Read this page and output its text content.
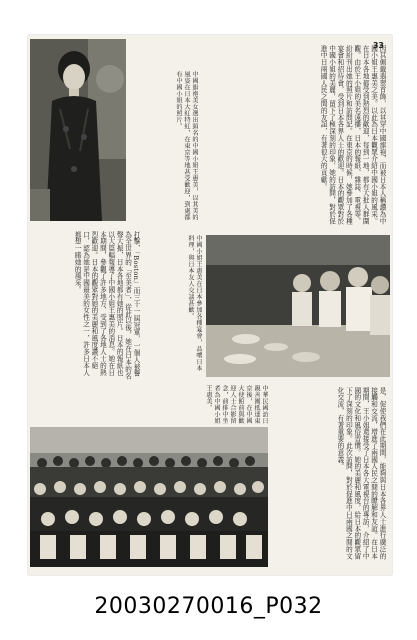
33
中國旗袍美女選出頭名的中國小姐王惠美，以其美的風姿在日本大紅特紅，在東京等地甚受歡迎，到處都有中國小姐的照片。	因其佩戴翡翠首飾，以其穿中國旗袍，而被日本人稱讚為中國小姐王惠美之美。以此為日本觀眾介紹中國小姐的風采。在日本各地都受到熱烈的歡迎，每到一地，都有大批人群圍觀。由於王小姐的美名遠播，日本的報紙、雜誌、電視等，紛紛刊出她的照片和訪問記。在東京的時候，她參加了各種宴會和招待會，受到日本各界人士的歡迎。日本的觀眾對於中國小姐的美麗，留下了極深刻的印象，她的訪問，對於促進中日兩國人民之間的友誼，有著很大的貢獻。
打擊，「Boston」而三十一屆冠軍，一個人被譽為全世界的「至美者」，從此以後，她在日本的名聲大振，日本各地都有她的照片。日本的報紙也以大篇幅報導了中國小姐王惠美的消息。她在日本期間，參觀了許多地方，受到了各地人士的熱烈歡迎。日本的觀眾對她的美麗和風度讚不絕口，認為她是中國最美的女性之一，許多日本人都想一睹她的風采。	中國小姐王惠美在日本參加各種宴會，品嚐日本料理，與日本友人交談甚歡。
中華民國訪日親善團抵達東京後，在中國大使館前與歡迎人士合影留念，前排中坐者為中國小姐王惠美。	是，促使我們在此期間，能夠與日本各界人士進行廣泛的接觸和交流，增進了兩國人民之間的瞭解和友誼。在日本期間，王小姐還接受了日本各大電視台的專訪，介紹了中國的文化和風俗習慣。她的美麗和風度，給日本的觀眾留下了深刻的印象。此次訪問，對於促進中日兩國之間的文化交流，有著重要的意義。
20030270016_P032
